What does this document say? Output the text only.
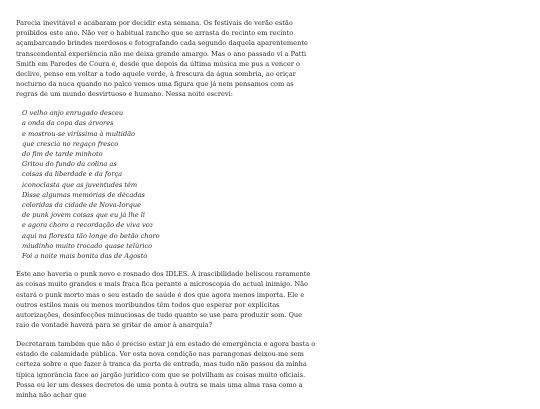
Parecia inevitável e acabaram por decidir esta semana. Os festivais de verão estão proibidos este ano. Não ver o habitual rancho que se arrasta de recinto em recinto açambarcando brindes merdosos e fotografando cada segundo daquela aparentemente transcendental experiência não me deixa grande amargo. Mas o ano passado vi a Patti Smith em Paredes de Coura e, desde que depois da última música me pus a vencer o declive, penso em voltar a todo aquele verde, à frescura da água sombria, ao eriçar nocturno da nuca quando no palco vemos uma figura que já nem pensamos com as regras de um mundo desvirtuoso e humano. Nessa noite escrevi:

O velho anjo enrugado desceu
a onda da copa das árvores
e mostrou-se viríssima à multidão
que crescia no regaço fresco
do fim de tarde minhoto
Gritou do fundo da colina as
coisas da liberdade e da força
iconoclasta que as juventudes têm
Disse algumas memórias de décadas
coloridas da cidade de Nova-Iorque
de punk jovem coisas que eu já lhe li
e agora choro a recordação de viva voz
aqui na floresta tão longe do betão choro
miudinho muito trocado quase telúrico
Foi a noite mais bonita das de Agosto

Este ano haveria o punk novo e rosnado dos IDLES. A irascibilidade beliscou raramente as coisas muito grandes e mais fraca fica perante a microscopia do actual inimigo. Não estará o punk morto mas o seu estado de saúde é dos que agora menos importa. Ele e outros estilos mais ou menos moribundos têm todos que esperar por explícitas autorizações, desinfecções minuciosas de tudo quanto se use para produzir som. Que raio de vontade haverá para se gritar de amor à anarquia?

Decretaram também que não é preciso estar já em estado de emergência e agora basta o estado de calamidade pública. Ver esta nova condição nas parangonas deixou-me sem certeza sobre o que fazer à tranca da porta de entrada, mas tudo não passou da minha típica ignorância face ao jargão jurídico com que se polvilham as coisas muito oficiais. Possa eu ler um desses decretos de uma ponta à outra se mais uma alma rasa como a minha não achar que
